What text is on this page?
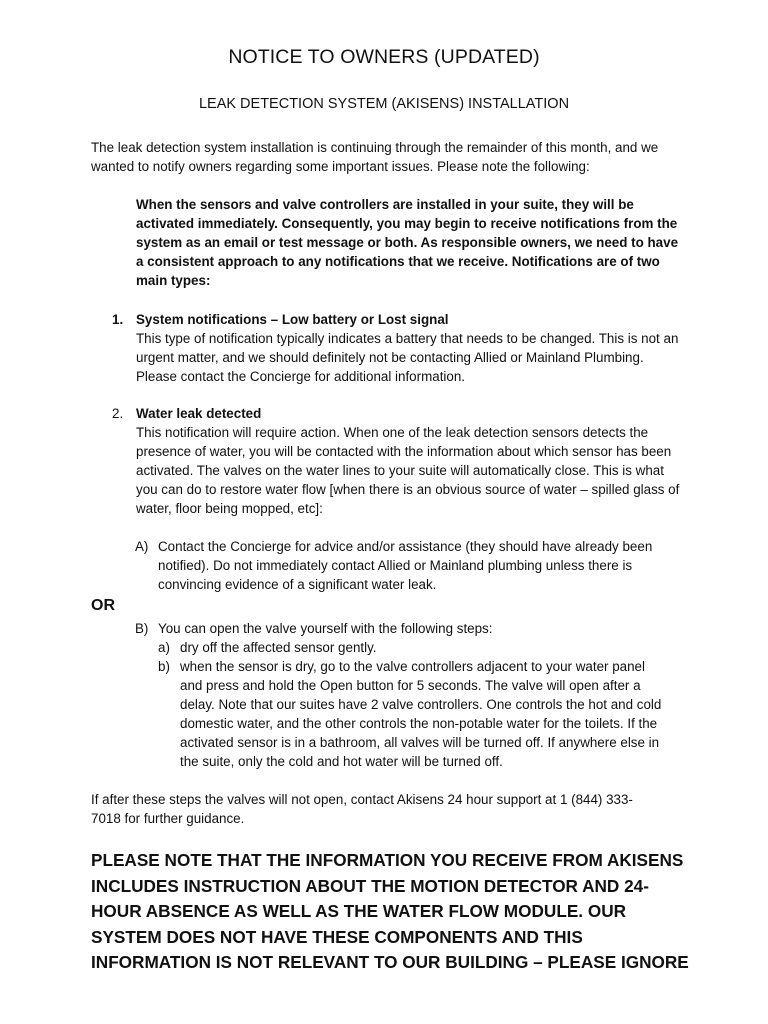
NOTICE TO OWNERS (UPDATED)
LEAK DETECTION SYSTEM (AKISENS) INSTALLATION
The leak detection system installation is continuing through the remainder of this month, and we wanted to notify owners regarding some important issues. Please note the following:
When the sensors and valve controllers are installed in your suite, they will be activated immediately. Consequently, you may begin to receive notifications from the system as an email or test message or both. As responsible owners, we need to have a consistent approach to any notifications that we receive. Notifications are of two main types:
1. System notifications – Low battery or Lost signal
This type of notification typically indicates a battery that needs to be changed. This is not an urgent matter, and we should definitely not be contacting Allied or Mainland Plumbing. Please contact the Concierge for additional information.
2. Water leak detected
This notification will require action. When one of the leak detection sensors detects the presence of water, you will be contacted with the information about which sensor has been activated. The valves on the water lines to your suite will automatically close. This is what you can do to restore water flow [when there is an obvious source of water – spilled glass of water, floor being mopped, etc]:
A) Contact the Concierge for advice and/or assistance (they should have already been notified). Do not immediately contact Allied or Mainland plumbing unless there is convincing evidence of a significant water leak.
OR
B) You can open the valve yourself with the following steps:
a) dry off the affected sensor gently.
b) when the sensor is dry, go to the valve controllers adjacent to your water panel and press and hold the Open button for 5 seconds. The valve will open after a delay. Note that our suites have 2 valve controllers. One controls the hot and cold domestic water, and the other controls the non-potable water for the toilets. If the activated sensor is in a bathroom, all valves will be turned off. If anywhere else in the suite, only the cold and hot water will be turned off.
If after these steps the valves will not open, contact Akisens 24 hour support at 1 (844) 333-7018 for further guidance.
PLEASE NOTE THAT THE INFORMATION YOU RECEIVE FROM AKISENS INCLUDES INSTRUCTION ABOUT THE MOTION DETECTOR AND 24-HOUR ABSENCE AS WELL AS THE WATER FLOW MODULE. OUR SYSTEM DOES NOT HAVE THESE COMPONENTS AND THIS INFORMATION IS NOT RELEVANT TO OUR BUILDING – PLEASE IGNORE
